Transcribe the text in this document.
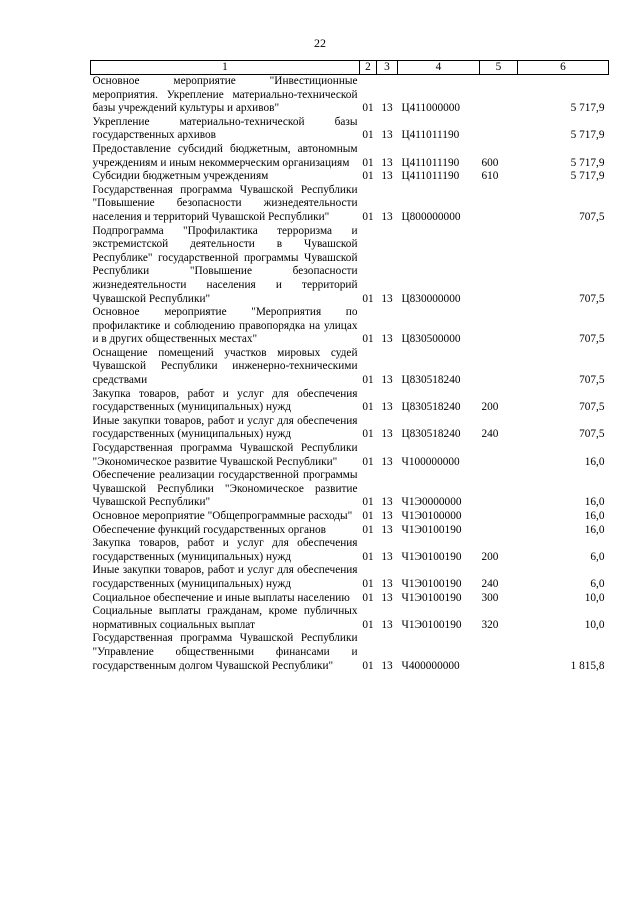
22
1	2	3	4	5	6
Основное мероприятие "Инвестиционные мероприятия. Укрепление материально-технической базы учреждений культуры и архивов"	01	13	Ц411000000		5 717,9
Укрепление материально-технической базы государственных архивов	01	13	Ц411011190		5 717,9
Предоставление субсидий бюджетным, автономным учреждениям и иным некоммерческим организациям	01	13	Ц411011190	600	5 717,9
Субсидии бюджетным учреждениям	01	13	Ц411011190	610	5 717,9
Государственная программа Чувашской Республики "Повышение безопасности жизнедеятельности населения и территорий Чувашской Республики"	01	13	Ц800000000		707,5
Подпрограмма "Профилактика терроризма и экстремистской деятельности в Чувашской Республике" государственной программы Чувашской Республики "Повышение безопасности жизнедеятельности населения и территорий Чувашской Республики"	01	13	Ц830000000		707,5
Основное мероприятие "Мероприятия по профилактике и соблюдению правопорядка на улицах и в других общественных местах"	01	13	Ц830500000		707,5
Оснащение помещений участков мировых судей Чувашской Республики инженерно-техническими средствами	01	13	Ц830518240		707,5
Закупка товаров, работ и услуг для обеспечения государственных (муниципальных) нужд	01	13	Ц830518240	200	707,5
Иные закупки товаров, работ и услуг для обеспечения государственных (муниципальных) нужд	01	13	Ц830518240	240	707,5
Государственная программа Чувашской Республики "Экономическое развитие Чувашской Республики"	01	13	Ч100000000		16,0
Обеспечение реализации государственной программы Чувашской Республики "Экономическое развитие Чувашской Республики"	01	13	Ч1Э0000000		16,0
Основное мероприятие "Общепрограммные расходы"	01	13	Ч1Э0100000		16,0
Обеспечение функций государственных органов	01	13	Ч1Э0100190		16,0
Закупка товаров, работ и услуг для обеспечения государственных (муниципальных) нужд	01	13	Ч1Э0100190	200	6,0
Иные закупки товаров, работ и услуг для обеспечения государственных (муниципальных) нужд	01	13	Ч1Э0100190	240	6,0
Социальное обеспечение и иные выплаты населению	01	13	Ч1Э0100190	300	10,0
Социальные выплаты гражданам, кроме публичных нормативных социальных выплат	01	13	Ч1Э0100190	320	10,0
Государственная программа Чувашской Республики "Управление общественными финансами и государственным долгом Чувашской Республики"	01	13	Ч400000000		1 815,8
